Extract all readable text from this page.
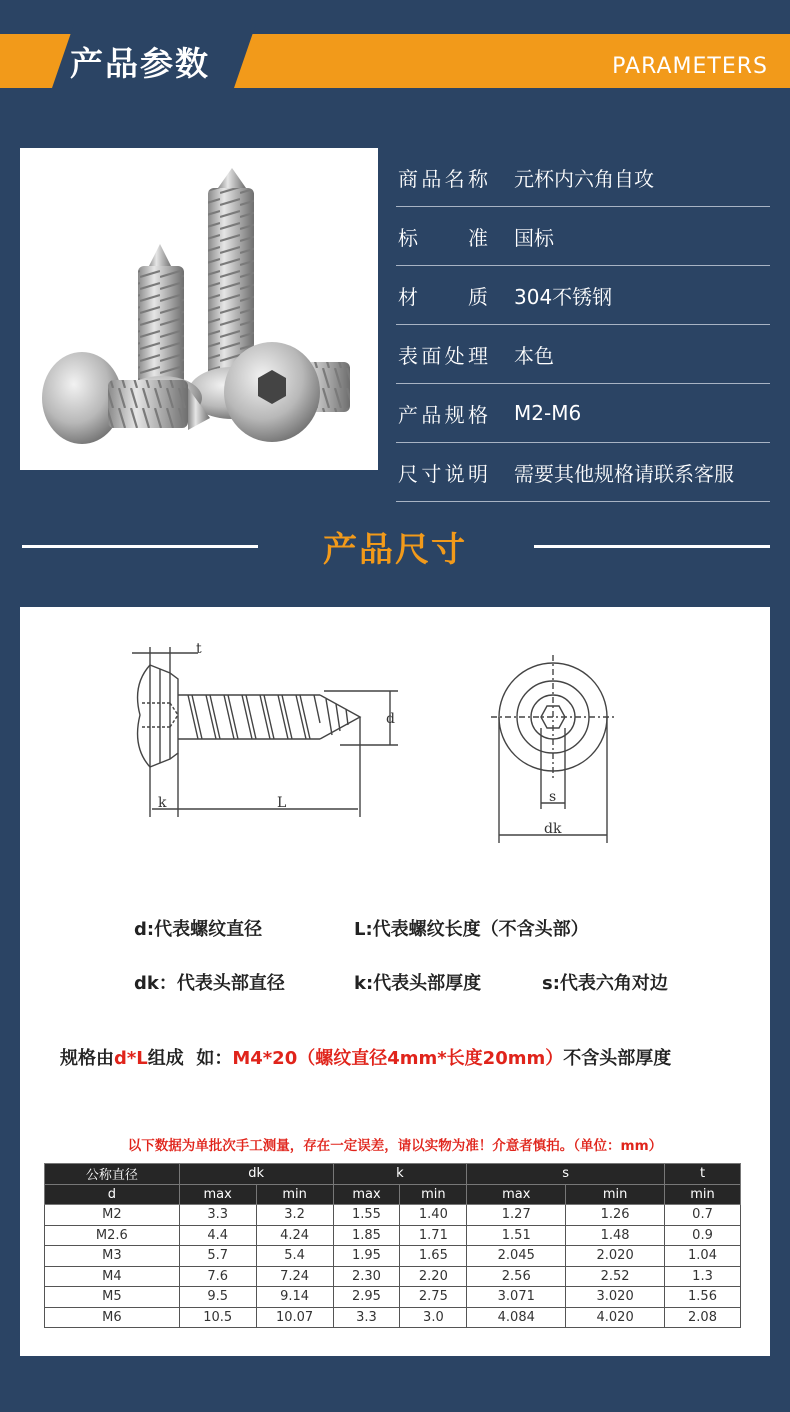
产品参数	PARAMETERS
商品名称	元杯内六角自攻
标准	国标
材质	304不锈钢
表面处理	本色
产品规格	M2-M6
尺寸说明	需要其他规格请联系客服
产品尺寸
t
d
k	L	s
dk
d:代表螺纹直径	L:代表螺纹长度（不含头部）
dk：代表头部直径	k:代表头部厚度	s:代表六角对边
规格由d*L组成  如：M4*20（螺纹直径4mm*长度20mm）不含头部厚度
以下数据为单批次手工测量，存在一定误差，请以实物为准！介意者慎拍。（单位：mm）
公称直径	dk		k		s		t
d	max	min	max	min	max	min	min
M2	3.3	3.2	1.55	1.40	1.27	1.26	0.7
M2.6	4.4	4.24	1.85	1.71	1.51	1.48	0.9
M3	5.7	5.4	1.95	1.65	2.045	2.020	1.04
M4	7.6	7.24	2.30	2.20	2.56	2.52	1.3
M5	9.5	9.14	2.95	2.75	3.071	3.020	1.56
M6	10.5	10.07	3.3	3.0	4.084	4.020	2.08
